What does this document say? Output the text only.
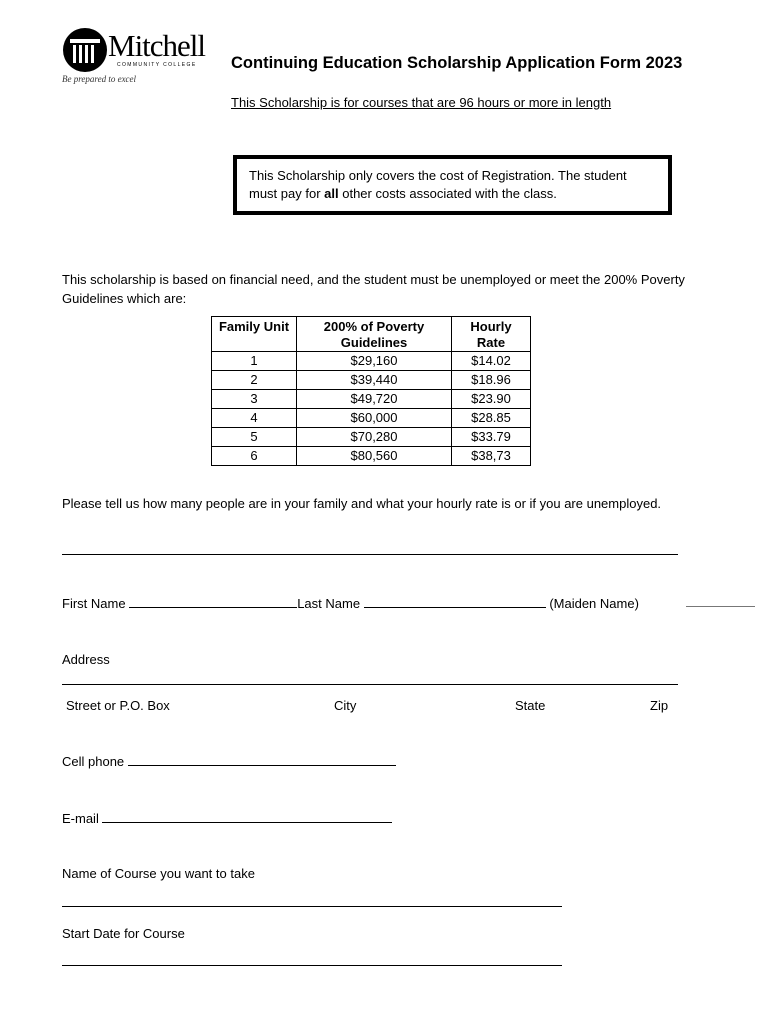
Mitchell
COMMUNITY COLLEGE
Be prepared to excel
Continuing Education Scholarship Application Form 2023
This Scholarship is for courses that are 96 hours or more in length
This Scholarship only covers the cost of Registration. The student must pay for all other costs associated with the class.
This scholarship is based on financial need, and the student must be unemployed or meet the 200% Poverty Guidelines which are:
Family Unit	200% of Poverty Guidelines	Hourly Rate
1	$29,160	$14.02
2	$39,440	$18.96
3	$49,720	$23.90
4	$60,000	$28.85
5	$70,280	$33.79
6	$80,560	$38,73
Please tell us how many people are in your family and what your hourly rate is or if you are unemployed.
First Name	Last Name	(Maiden Name)
Address
Street or P.O. Box	City	State	Zip
Cell phone
E-mail
Name of Course you want to take
Start Date for Course
